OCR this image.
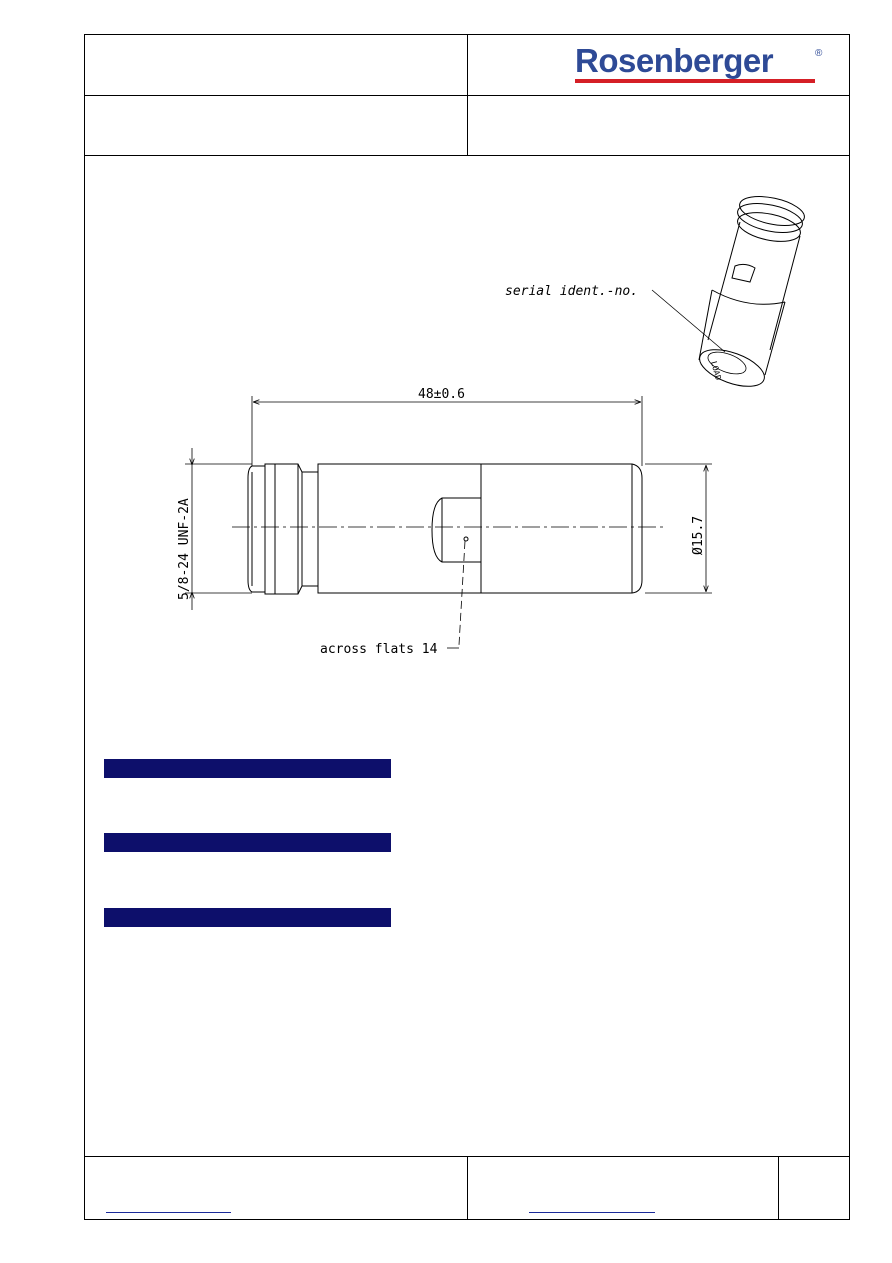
Rosenberger	®
LOAD
serial ident.-no.
48±0.6
5/8-24 UNF-2A	Ø15.7
across flats 14
